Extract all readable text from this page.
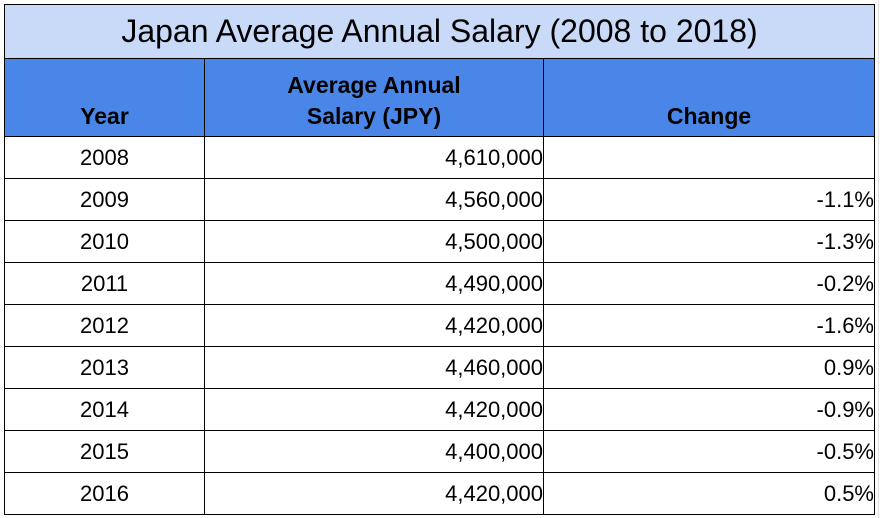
Japan Average Annual Salary (2008 to 2018)		
Year	Average Annual Salary (JPY)	Change
2008	4,610,000	
2009	4,560,000	-1.1%
2010	4,500,000	-1.3%
2011	4,490,000	-0.2%
2012	4,420,000	-1.6%
2013	4,460,000	0.9%
2014	4,420,000	-0.9%
2015	4,400,000	-0.5%
2016	4,420,000	0.5%
